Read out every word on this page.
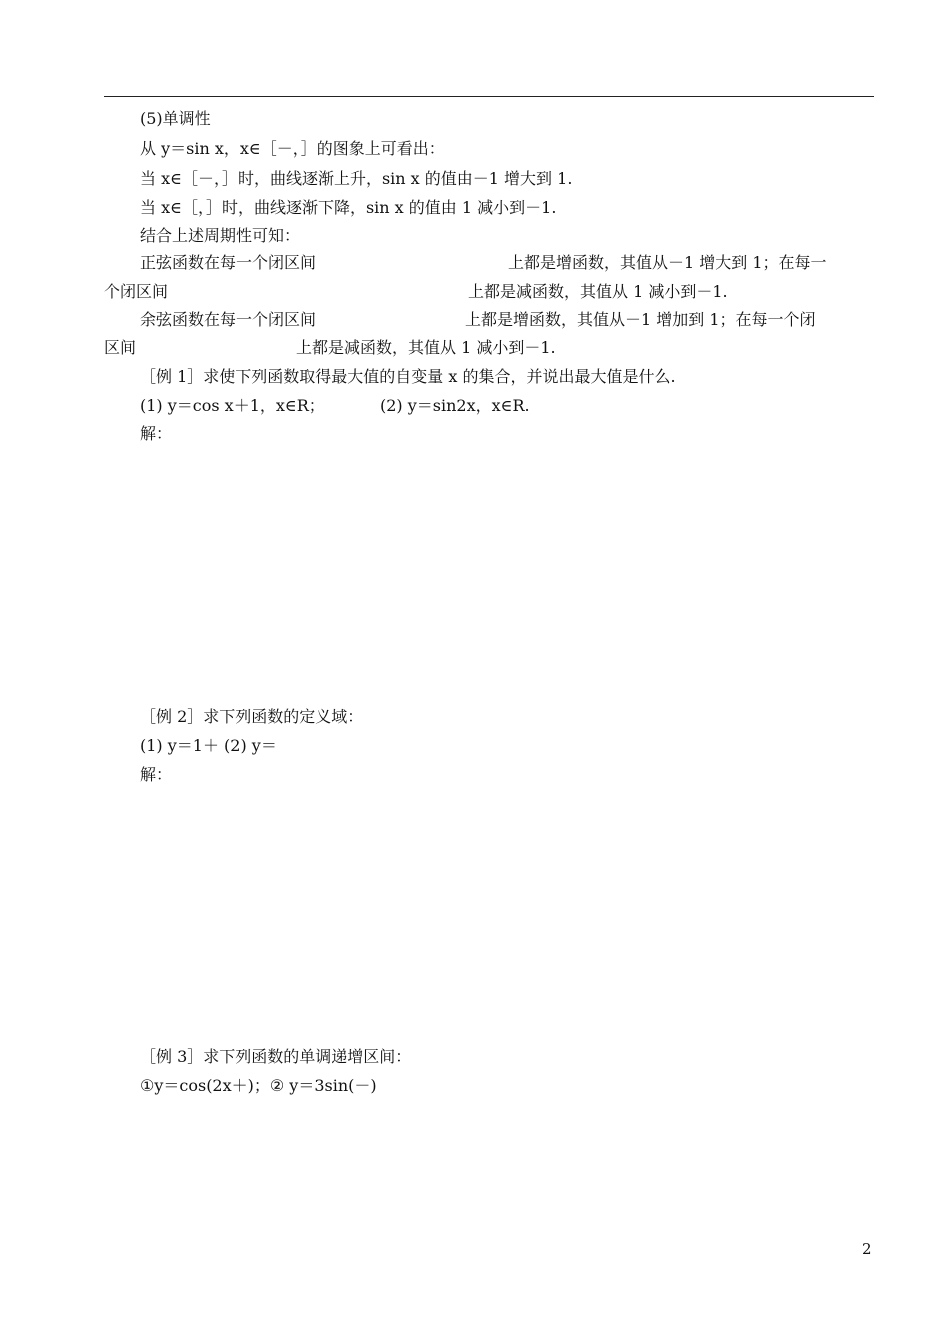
(5)单调性
从 y＝sin x，x∈［－，］的图象上可看出：
当 x∈［－，］时，曲线逐渐上升，sin x 的值由－1 增大到 1.
当 x∈［，］时，曲线逐渐下降，sin x 的值由 1 减小到－1.
结合上述周期性可知：
正弦函数在每一个闭区间	上都是增函数，其值从－1 增大到 1；在每一
个闭区间	上都是减函数，其值从 1 减小到－1.
余弦函数在每一个闭区间	上都是增函数，其值从－1 增加到 1；在每一个闭
区间	上都是减函数，其值从 1 减小到－1.
［例 1］求使下列函数取得最大值的自变量 x 的集合，并说出最大值是什么.
(1) y＝cos x＋1，x∈R；	(2) y＝sin2x，x∈R.
解：
［例 2］求下列函数的定义域：
(1) y＝1＋ (2) y＝
解：
［例 3］求下列函数的单调递增区间：
①y＝cos(2x＋)；② y＝3sin(－)
2
